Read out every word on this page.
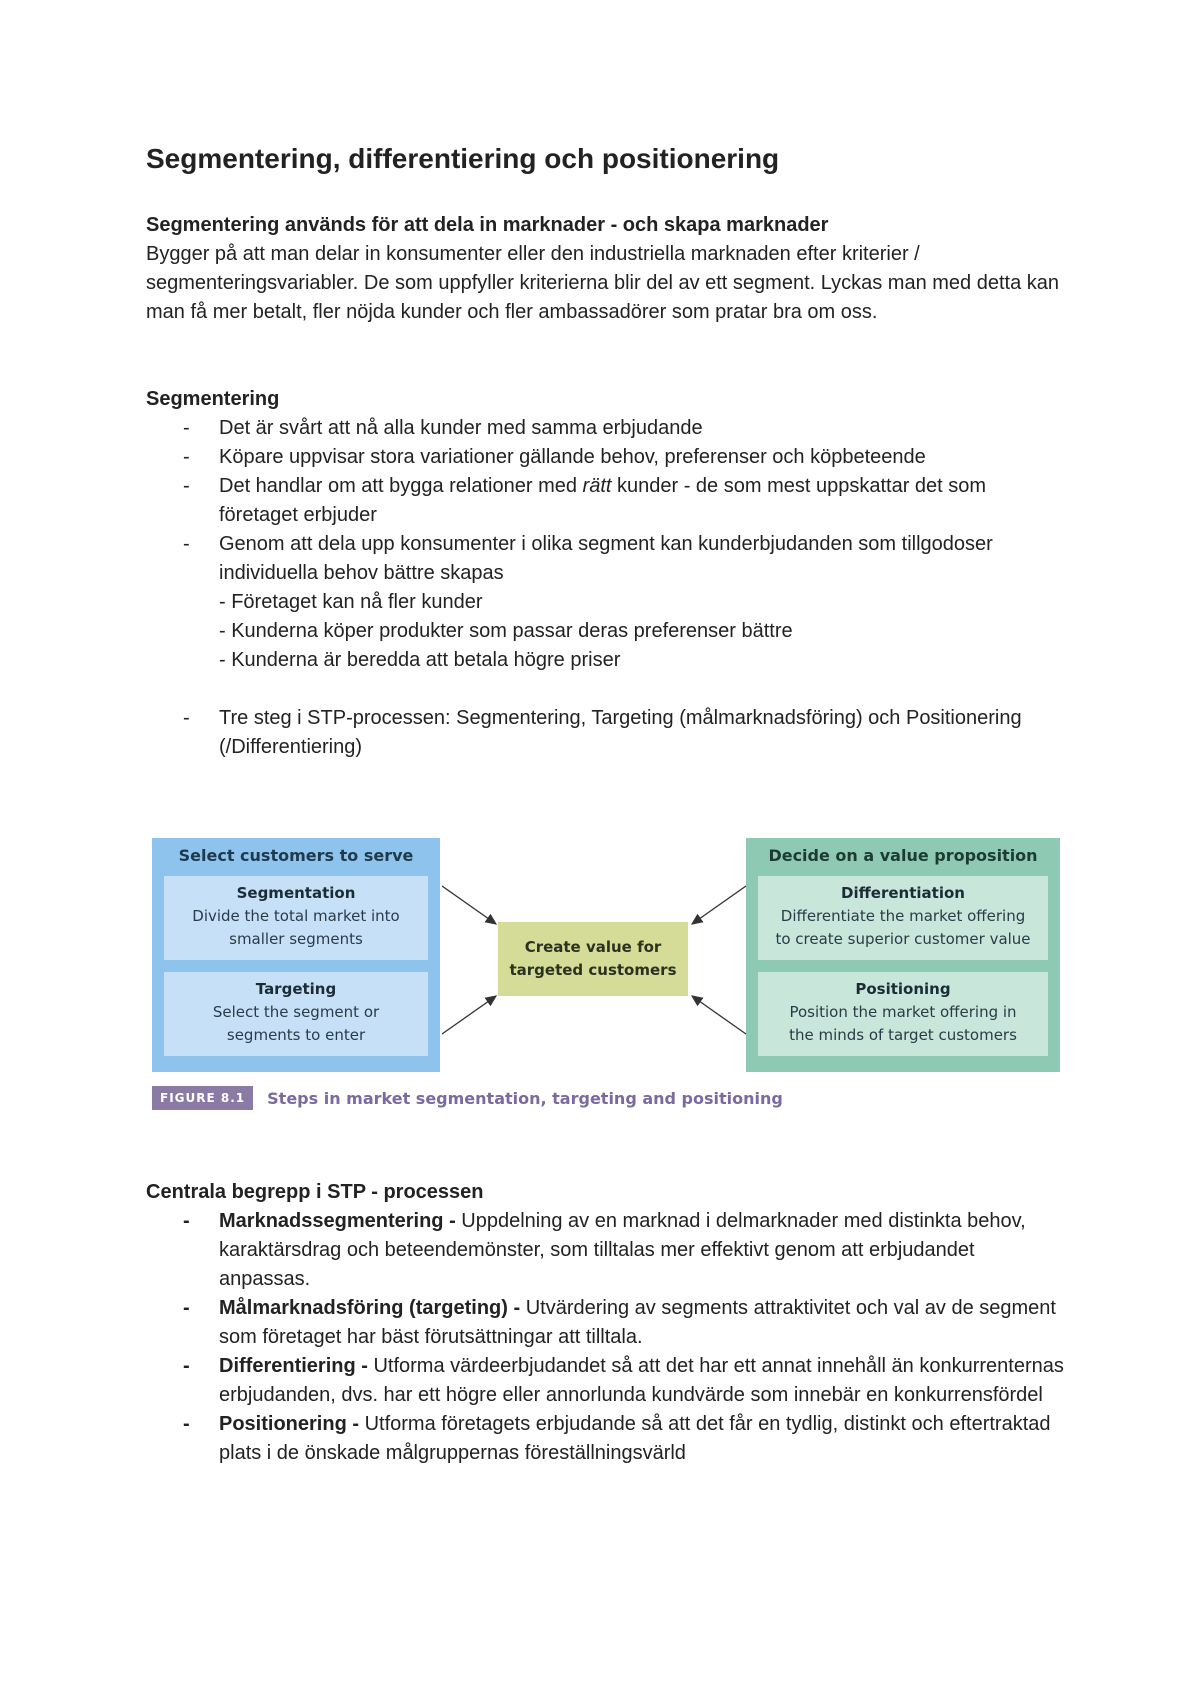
Segmentering, differentiering och positionering

Segmentering används för att dela in marknader - och skapa marknader

Bygger på att man delar in konsumenter eller den industriella marknaden efter kriterier / segmenteringsvariabler. De som uppfyller kriterierna blir del av ett segment. Lyckas man med detta kan man få mer betalt, fler nöjda kunder och fler ambassadörer som pratar bra om oss.

Segmentering

- Det är svårt att nå alla kunder med samma erbjudande
- Köpare uppvisar stora variationer gällande behov, preferenser och köpbeteende
- Det handlar om att bygga relationer med rätt kunder - de som mest uppskattar det som företaget erbjuder
- Genom att dela upp konsumenter i olika segment kan kunderbjudanden som tillgodoser individuella behov bättre skapas
- Företaget kan nå fler kunder
- Kunderna köper produkter som passar deras preferenser bättre
- Kunderna är beredda att betala högre priser
- Tre steg i STP-processen: Segmentering, Targeting (målmarknadsföring) och Positionering (/Differentiering)
Select customers to serve
Segmentation
Divide the total market into
smaller segments
Targeting
Select the segment or
segments to enter
Create value for
targeted customers
Decide on a value proposition
Differentiation
Differentiate the market offering
to create superior customer value
Positioning
Position the market offering in
the minds of target customers
FIGURE 8.1	Steps in market segmentation, targeting and positioning

Centrala begrepp i STP - processen

- Marknadssegmentering - Uppdelning av en marknad i delmarknader med distinkta behov, karaktärsdrag och beteendemönster, som tilltalas mer effektivt genom att erbjudandet anpassas.
- Målmarknadsföring (targeting) - Utvärdering av segments attraktivitet och val av de segment som företaget har bäst förutsättningar att tilltala.
- Differentiering - Utforma värdeerbjudandet så att det har ett annat innehåll än konkurrenternas erbjudanden, dvs. har ett högre eller annorlunda kundvärde som innebär en konkurrensfördel
- Positionering - Utforma företagets erbjudande så att det får en tydlig, distinkt och eftertraktad plats i de önskade målgruppernas föreställningsvärld
